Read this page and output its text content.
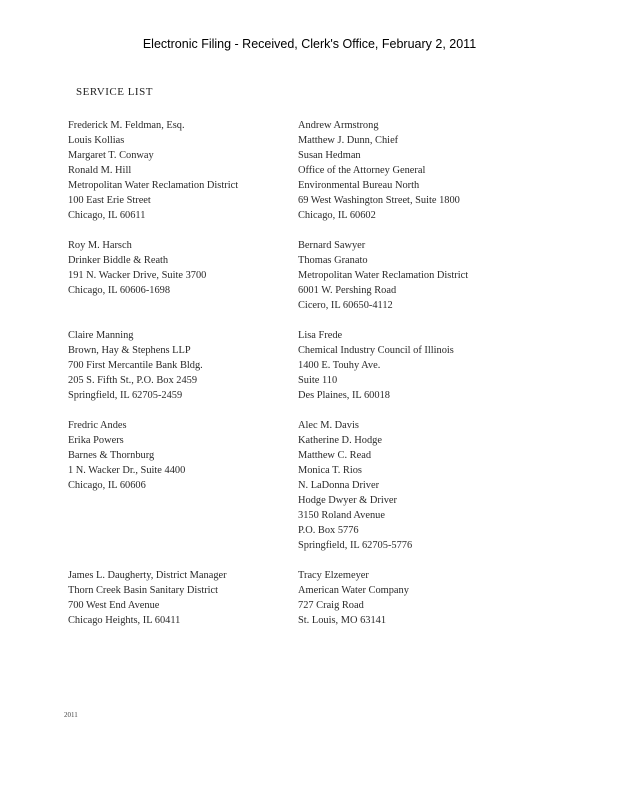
Electronic Filing - Received, Clerk's Office, February 2, 2011
SERVICE LIST
Frederick M. Feldman, Esq.
Louis Kollias
Margaret T. Conway
Ronald M. Hill
Metropolitan Water Reclamation District
100 East Erie Street
Chicago, IL 60611
Roy M. Harsch
Drinker Biddle & Reath
191 N. Wacker Drive, Suite 3700
Chicago, IL 60606-1698
Claire Manning
Brown, Hay & Stephens LLP
700 First Mercantile Bank Bldg.
205 S. Fifth St., P.O. Box 2459
Springfield, IL 62705-2459
Fredric Andes
Erika Powers
Barnes & Thornburg
1 N. Wacker Dr., Suite 4400
Chicago, IL 60606
James L. Daugherty, District Manager
Thorn Creek Basin Sanitary District
700 West End Avenue
Chicago Heights, IL 60411
Andrew Armstrong
Matthew J. Dunn, Chief
Susan Hedman
Office of the Attorney General
Environmental Bureau North
69 West Washington Street, Suite 1800
Chicago, IL 60602
Bernard Sawyer
Thomas Granato
Metropolitan Water Reclamation District
6001 W. Pershing Road
Cicero, IL 60650-4112
Lisa Frede
Chemical Industry Council of Illinois
1400 E. Touhy Ave.
Suite 110
Des Plaines, IL 60018
Alec M. Davis
Katherine D. Hodge
Matthew C. Read
Monica T. Rios
N. LaDonna Driver
Hodge Dwyer & Driver
3150 Roland Avenue
P.O. Box 5776
Springfield, IL 62705-5776
Tracy Elzemeyer
American Water Company
727 Craig Road
St. Louis, MO 63141
2011
